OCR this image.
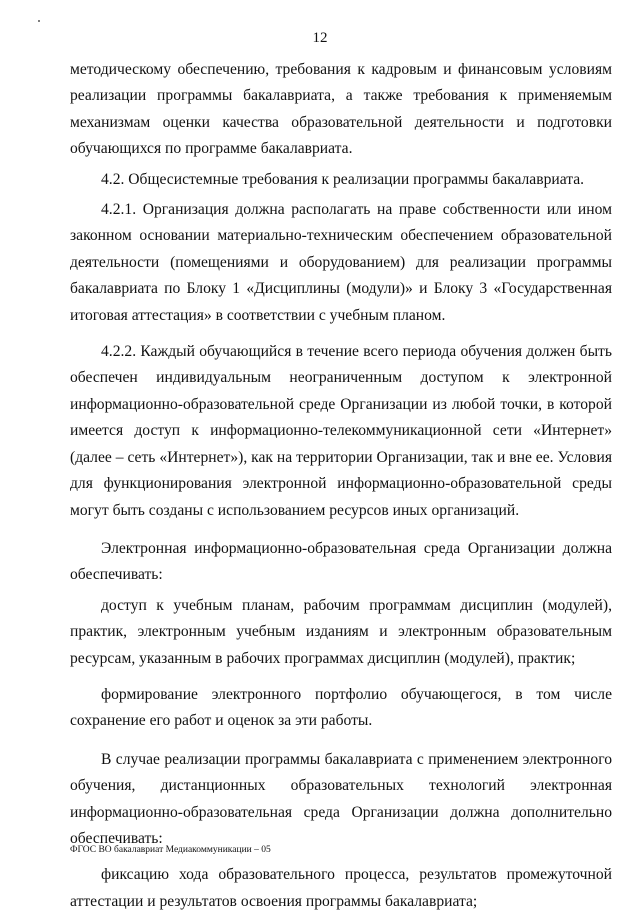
12

методическому обеспечению, требования к кадровым и финансовым условиям реализации программы бакалавриата, а также требования к применяемым механизмам оценки качества образовательной деятельности и подготовки обучающихся по программе бакалавриата.

4.2. Общесистемные требования к реализации программы бакалавриата.

4.2.1. Организация должна располагать на праве собственности или ином законном основании материально-техническим обеспечением образовательной деятельности (помещениями и оборудованием) для реализации программы бакалавриата по Блоку 1 «Дисциплины (модули)» и Блоку 3 «Государственная итоговая аттестация» в соответствии с учебным планом.

4.2.2. Каждый обучающийся в течение всего периода обучения должен быть обеспечен индивидуальным неограниченным доступом к электронной информационно-образовательной среде Организации из любой точки, в которой имеется доступ к информационно-телекоммуникационной сети «Интернет» (далее – сеть «Интернет»), как на территории Организации, так и вне ее. Условия для функционирования электронной информационно-образовательной среды могут быть созданы с использованием ресурсов иных организаций.

Электронная информационно-образовательная среда Организации должна обеспечивать:

доступ к учебным планам, рабочим программам дисциплин (модулей), практик, электронным учебным изданиям и электронным образовательным ресурсам, указанным в рабочих программах дисциплин (модулей), практик;

формирование электронного портфолио обучающегося, в том числе сохранение его работ и оценок за эти работы.

В случае реализации программы бакалавриата с применением электронного обучения, дистанционных образовательных технологий электронная информационно-образовательная среда Организации должна дополнительно обеспечивать:

фиксацию хода образовательного процесса, результатов промежуточной аттестации и результатов освоения программы бакалавриата;

ФГОС ВО бакалавриат Медиакоммуникации – 05
